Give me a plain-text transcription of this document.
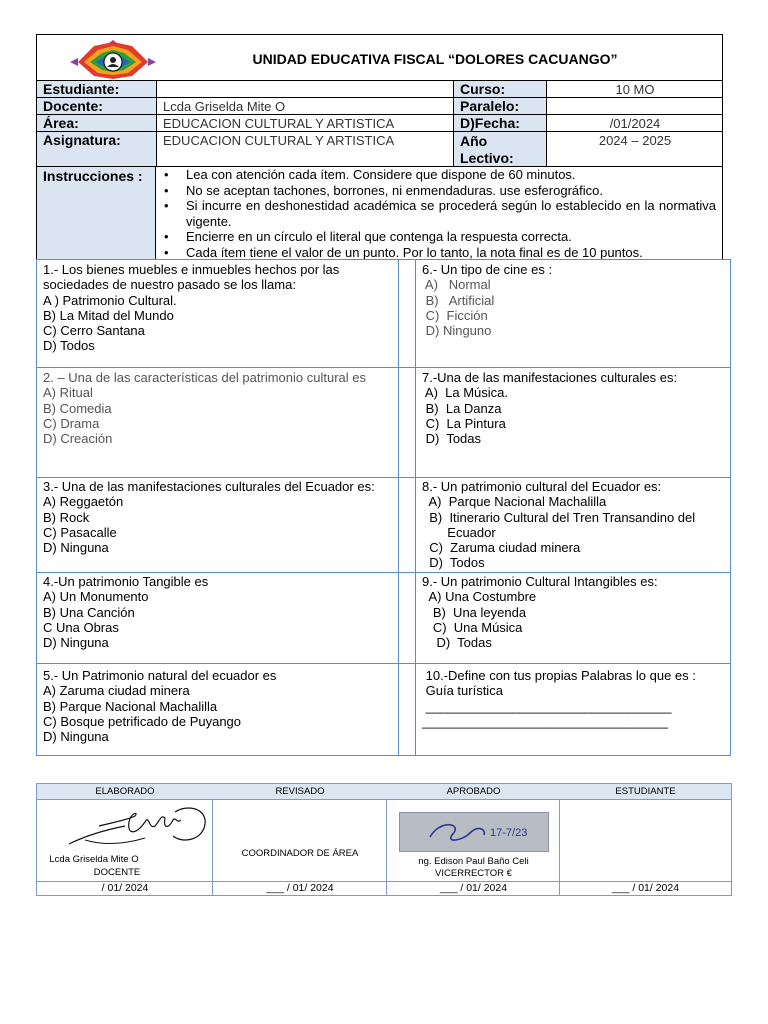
UNIDAD EDUCATIVA FISCAL “DOLORES CACUANGO”
Estudiante:	Curso:	10 MO
Docente:	Lcda Griselda Mite O	Paralelo:
Área:	EDUCACION CULTURAL Y ARTISTICA	D)Fecha:	/01/2024
Asignatura:	EDUCACION CULTURAL Y ARTISTICA	Año Lectivo:
2024 – 2025
Instrucciones :
•	Lea con atención cada ítem. Considere que dispone de 60 minutos.
• No se aceptan tachones, borrones, ni enmendaduras. use esferográfico.
• Si incurre en deshonestidad académica se procederá según lo establecido en la normativa vigente.
• Encierre en un círculo el literal que contenga la respuesta correcta.
• Cada ítem tiene el valor de un punto. Por lo tanto, la nota final es de 10 puntos.
1.- Los bienes muebles e inmuebles hechos por las sociedades de nuestro pasado se los llama:
A ) Patrimonio Cultural.
B) La Mitad del Mundo
C) Cerro Santana
D) Todos
2. – Una de las características del patrimonio cultural es
A) Ritual
B) Comedia
C) Drama
D) Creación
3.- Una de las manifestaciones culturales del Ecuador es:
A) Reggaetón
B) Rock
C) Pasacalle
D) Ninguna
4.-Un patrimonio Tangible es
A) Un Monumento
B) Una Canción
C Una Obras
D) Ninguna
5.- Un Patrimonio natural del ecuador es
A) Zaruma ciudad minera
B) Parque Nacional Machalilla
C) Bosque petrificado de Puyango
D) Ninguna
6.- Un tipo de cine es :
A)   Normal
B)   Artificial
C)  Ficción
D) Ninguno
7.-Una de las manifestaciones culturales es:
A)  La Música.
B)  La Danza
C)  La Pintura
D)  Todas
8.- Un patrimonio cultural del Ecuador es:
A)  Parque Nacional Machalilla
B)  Itinerario Cultural del Tren Transandino del
Ecuador
C)  Zaruma ciudad minera
D)  Todos
9.- Un patrimonio Cultural Intangibles es:
A) Una Costumbre
B)  Una leyenda
C)  Una Música
D)  Todas
10.-Define con tus propias Palabras lo que es :
Guía turística
__________________________________
__________________________________
ELABORADO	REVISADO	APROBADO	ESTUDIANTE
Lcda Griselda Mite O
DOCENTE
COORDINADOR DE ÁREA
17-7/23
ng. Edison Paul Baño Celi
VICERRECTOR €
/ 01/ 2024	___ / 01/ 2024	___ / 01/ 2024	___ / 01/ 2024
